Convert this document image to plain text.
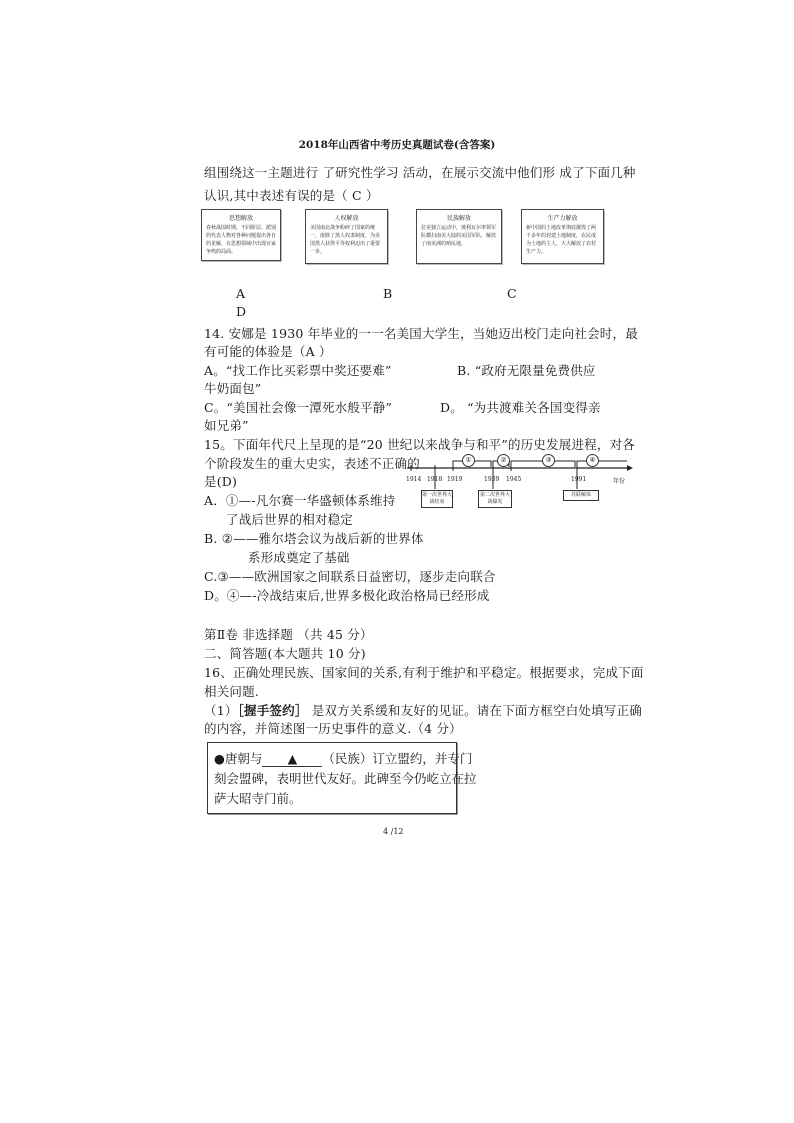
2018年山西省中考历史真题试卷(含答案)
组围绕这一主题进行 了研究性学习 活动，在展示交流中他们形 成了下面几种
认识,其中表述有误的是（ C ）
思想解放
春秋战国时期，不同阶层、派别的代表人物对各种问题提出各自的见解，在思想领域中出现百家争鸣的局面。
人权解放
美国南北战争粉碎了国家的统一，废除了黑人奴隶制度，为美国黑人获得平等权利迈出了重要一步。
民族解放
拉美独立运动中，玻利瓦尔率领军队横扫南美大陆的美国军队，解放了南美洲的殖民地。
生产力解放
新中国的土地改革彻底摧毁了两千多年的封建土地制度，农民成为土地的主人，大大解放了农村生产力。
A	B	C
D
14. 安娜是 1930 年毕业的一一名美国大学生，当她迈出校门走向社会时，最
有可能的体验是（A ）
A。“找工作比买彩票中奖还要难”	B. “政府无限量免费供应
牛奶面包”
C。“美国社会像一潭死水般平静”	D。 “为共渡难关各国变得亲
如兄弟”
15。下面年代尺上呈现的是“20 世纪以来战争与和平”的历史发展进程，对各
个阶段发生的重大史实，表述不正确的
是(D)
A．①—-凡尔赛一华盛顿体系维持
了战后世界的相对稳定
B. ②——雅尔塔会议为战后新的世界体
系形成奠定了基础
C.③——欧洲国家之间联系日益密切，逐步走向联合
D。④—-冷战结束后,世界多极化政治格局已经形成
①	②	③	④
1914 1918 1919	1939 1945	1991	年份
第一次世界大战结束
第二次世界大战爆发
苏联解体
第Ⅱ卷 非选择题 （共 45 分）
二、简答题(本大题共 10 分)
16、正确处理民族、国家间的关系,有利于维护和平稳定。根据要求，完成下面
相关问题.
（1）［握手签约］ 是双方关系缓和友好的见证。请在下面方框空白处填写正确
的内容，并简述图一历史事件的意义.（4 分）
●唐朝与 ▲ （民族）订立盟约，并专门
刻会盟碑，表明世代友好。此碑至今仍屹立在拉
萨大昭寺门前。
4 /12
